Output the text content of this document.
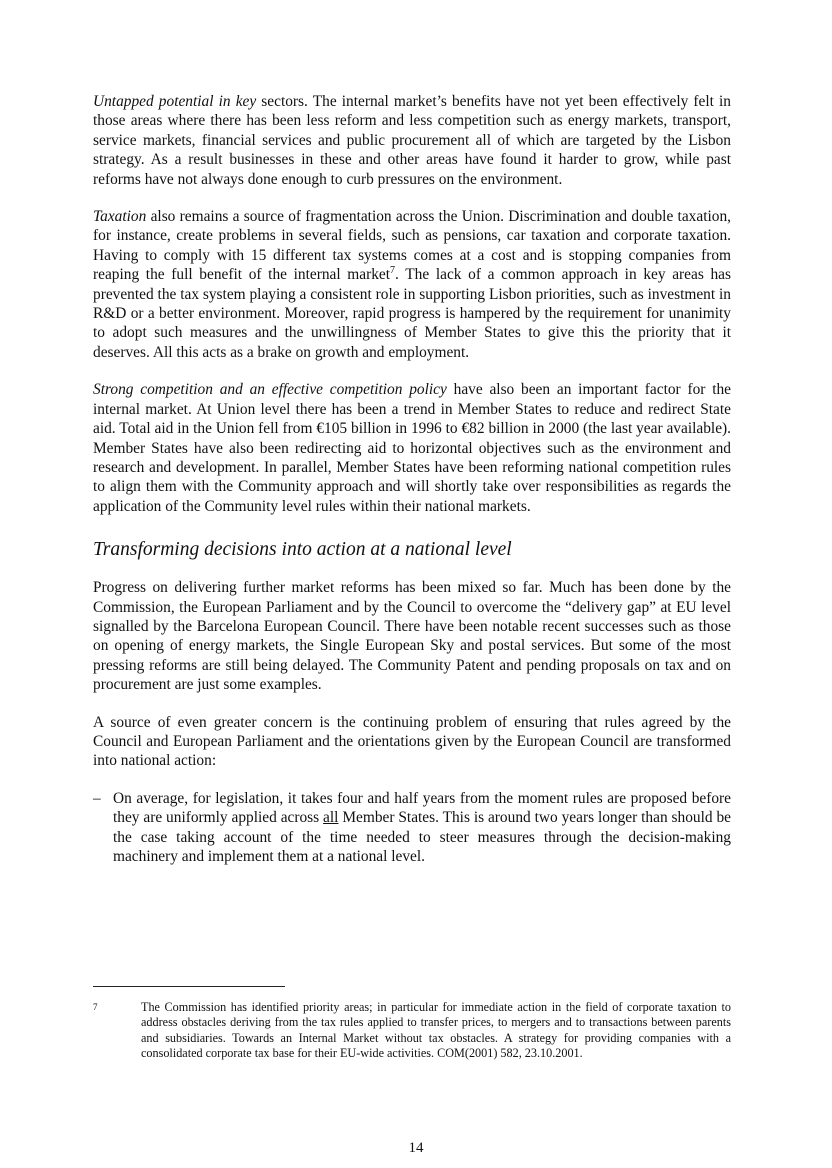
Untapped potential in key sectors. The internal market’s benefits have not yet been effectively felt in those areas where there has been less reform and less competition such as energy markets, transport, service markets, financial services and public procurement all of which are targeted by the Lisbon strategy. As a result businesses in these and other areas have found it harder to grow, while past reforms have not always done enough to curb pressures on the environment.

Taxation also remains a source of fragmentation across the Union. Discrimination and double taxation, for instance, create problems in several fields, such as pensions, car taxation and corporate taxation. Having to comply with 15 different tax systems comes at a cost and is stopping companies from reaping the full benefit of the internal market$^7$. The lack of a common approach in key areas has prevented the tax system playing a consistent role in supporting Lisbon priorities, such as investment in R&D or a better environment. Moreover, rapid progress is hampered by the requirement for unanimity to adopt such measures and the unwillingness of Member States to give this the priority that it deserves. All this acts as a brake on growth and employment.

Strong competition and an effective competition policy have also been an important factor for the internal market. At Union level there has been a trend in Member States to reduce and redirect State aid. Total aid in the Union fell from €105 billion in 1996 to €82 billion in 2000 (the last year available). Member States have also been redirecting aid to horizontal objectives such as the environment and research and development. In parallel, Member States have been reforming national competition rules to align them with the Community approach and will shortly take over responsibilities as regards the application of the Community level rules within their national markets.

Transforming decisions into action at a national level

Progress on delivering further market reforms has been mixed so far. Much has been done by the Commission, the European Parliament and by the Council to overcome the “delivery gap” at EU level signalled by the Barcelona European Council. There have been notable recent successes such as those on opening of energy markets, the Single European Sky and postal services. But some of the most pressing reforms are still being delayed. The Community Patent and pending proposals on tax and on procurement are just some examples.

A source of even greater concern is the continuing problem of ensuring that rules agreed by the Council and European Parliament and the orientations given by the European Council are transformed into national action:

– On average, for legislation, it takes four and half years from the moment rules are proposed before they are uniformly applied across all Member States. This is around two years longer than should be the case taking account of the time needed to steer measures through the decision-making machinery and implement them at a national level.
7	The Commission has identified priority areas; in particular for immediate action in the field of corporate taxation to address obstacles deriving from the tax rules applied to transfer prices, to mergers and to transactions between parents and subsidiaries. Towards an Internal Market without tax obstacles. A strategy for providing companies with a consolidated corporate tax base for their EU-wide activities. COM(2001) 582, 23.10.2001.
14
